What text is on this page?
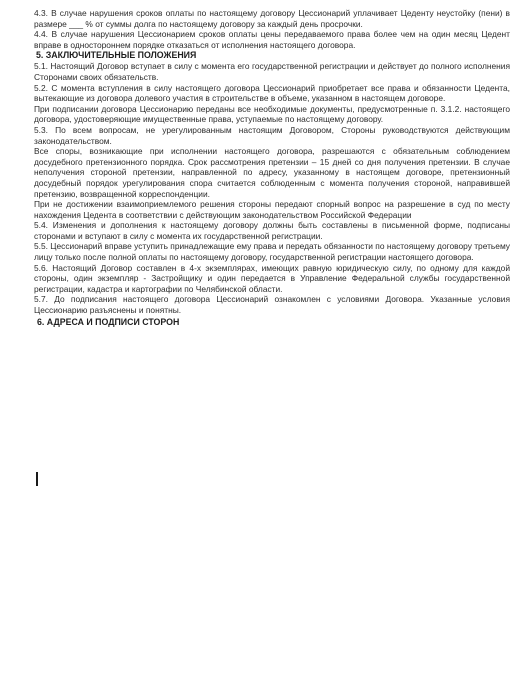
4.3. В случае нарушения сроков оплаты по настоящему договору Цессионарий уплачивает Цеденту неустойку (пени) в размере ___ % от суммы долга по настоящему договору за каждый день просрочки.

4.4. В случае нарушения Цессионарием сроков оплаты цены передаваемого права более чем на один месяц Цедент вправе в одностороннем порядке отказаться от исполнения настоящего договора.

5. ЗАКЛЮЧИТЕЛЬНЫЕ ПОЛОЖЕНИЯ

5.1. Настоящий Договор вступает в силу с момента его государственной регистрации и действует до полного исполнения Сторонами своих обязательств.

5.2. С момента вступления в силу настоящего договора Цессионарий приобретает все права и обязанности Цедента, вытекающие из договора долевого участия в строительстве в объеме, указанном в настоящем договоре.

При подписании договора Цессионарию переданы все необходимые документы, предусмотренные п. 3.1.2. настоящего договора, удостоверяющие имущественные права, уступаемые по настоящему договору.

5.3. По всем вопросам, не урегулированным настоящим Договором, Стороны руководствуются действующим законодательством.

Все споры, возникающие при исполнении настоящего договора, разрешаются с обязательным соблюдением досудебного претензионного порядка. Срок рассмотрения претензии – 15 дней со дня получения претензии. В случае неполучения стороной претензии, направленной по адресу, указанному в настоящем договоре, претензионный досудебный порядок урегулирования спора считается соблюденным с момента получения стороной, направившей претензию, возвращенной корреспонденции.

При не достижении взаимоприемлемого решения стороны передают спорный вопрос на разрешение в суд по месту нахождения Цедента в соответствии с действующим законодательством Российской Федерации

5.4. Изменения и дополнения к настоящему договору должны быть составлены в письменной форме, подписаны сторонами и вступают в силу с момента их государственной регистрации.

5.5. Цессионарий вправе уступить принадлежащие ему права и передать обязанности по настоящему договору третьему лицу только после полной оплаты по настоящему договору, государственной регистрации настоящего договора.

5.6. Настоящий Договор составлен в 4-х экземплярах, имеющих равную юридическую силу, по одному для каждой стороны, один экземпляр - Застройщику и один передается в Управление Федеральной службы государственной регистрации, кадастра и картографии по Челябинской области.

5.7. До подписания настоящего договора Цессионарий ознакомлен с условиями Договора. Указанные условия Цессионарию разъяснены и понятны.

6. АДРЕСА И ПОДПИСИ СТОРОН
